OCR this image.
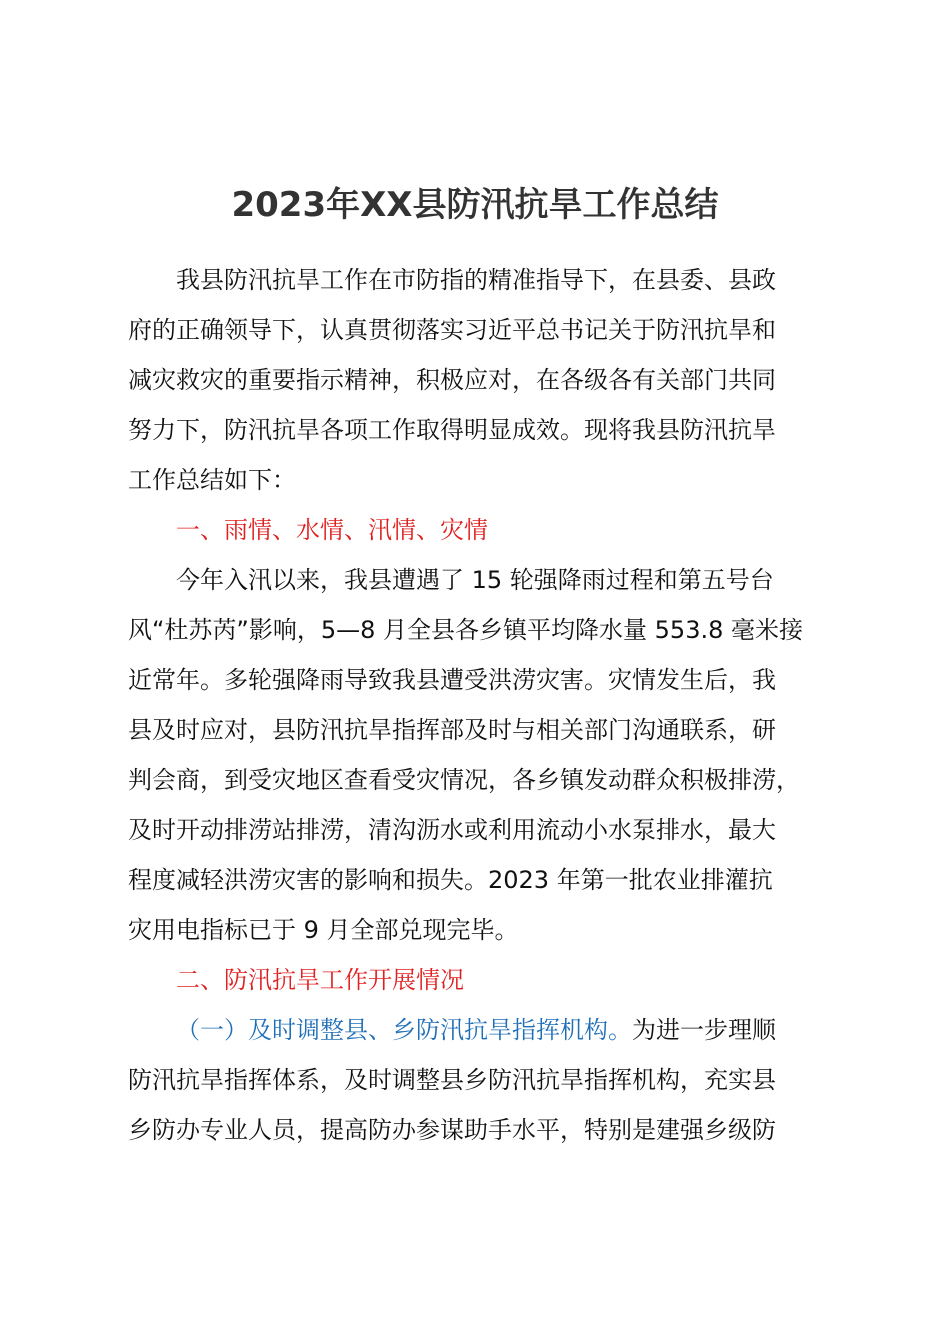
2023年XX县防汛抗旱工作总结
我县防汛抗旱工作在市防指的精准指导下，在县委、县政
府的正确领导下，认真贯彻落实习近平总书记关于防汛抗旱和
减灾救灾的重要指示精神，积极应对，在各级各有关部门共同
努力下，防汛抗旱各项工作取得明显成效。现将我县防汛抗旱
工作总结如下：
一、雨情、水情、汛情、灾情
今年入汛以来，我县遭遇了 15 轮强降雨过程和第五号台
风“杜苏芮”影响，5—8 月全县各乡镇平均降水量 553.8 毫米接
近常年。多轮强降雨导致我县遭受洪涝灾害。灾情发生后，我
县及时应对，县防汛抗旱指挥部及时与相关部门沟通联系，研
判会商，到受灾地区查看受灾情况，各乡镇发动群众积极排涝，
及时开动排涝站排涝，清沟沥水或利用流动小水泵排水，最大
程度减轻洪涝灾害的影响和损失。2023 年第一批农业排灌抗
灾用电指标已于 9 月全部兑现完毕。
二、防汛抗旱工作开展情况
（一）及时调整县、乡防汛抗旱指挥机构。为进一步理顺
防汛抗旱指挥体系，及时调整县乡防汛抗旱指挥机构，充实县
乡防办专业人员，提高防办参谋助手水平，特别是建强乡级防
